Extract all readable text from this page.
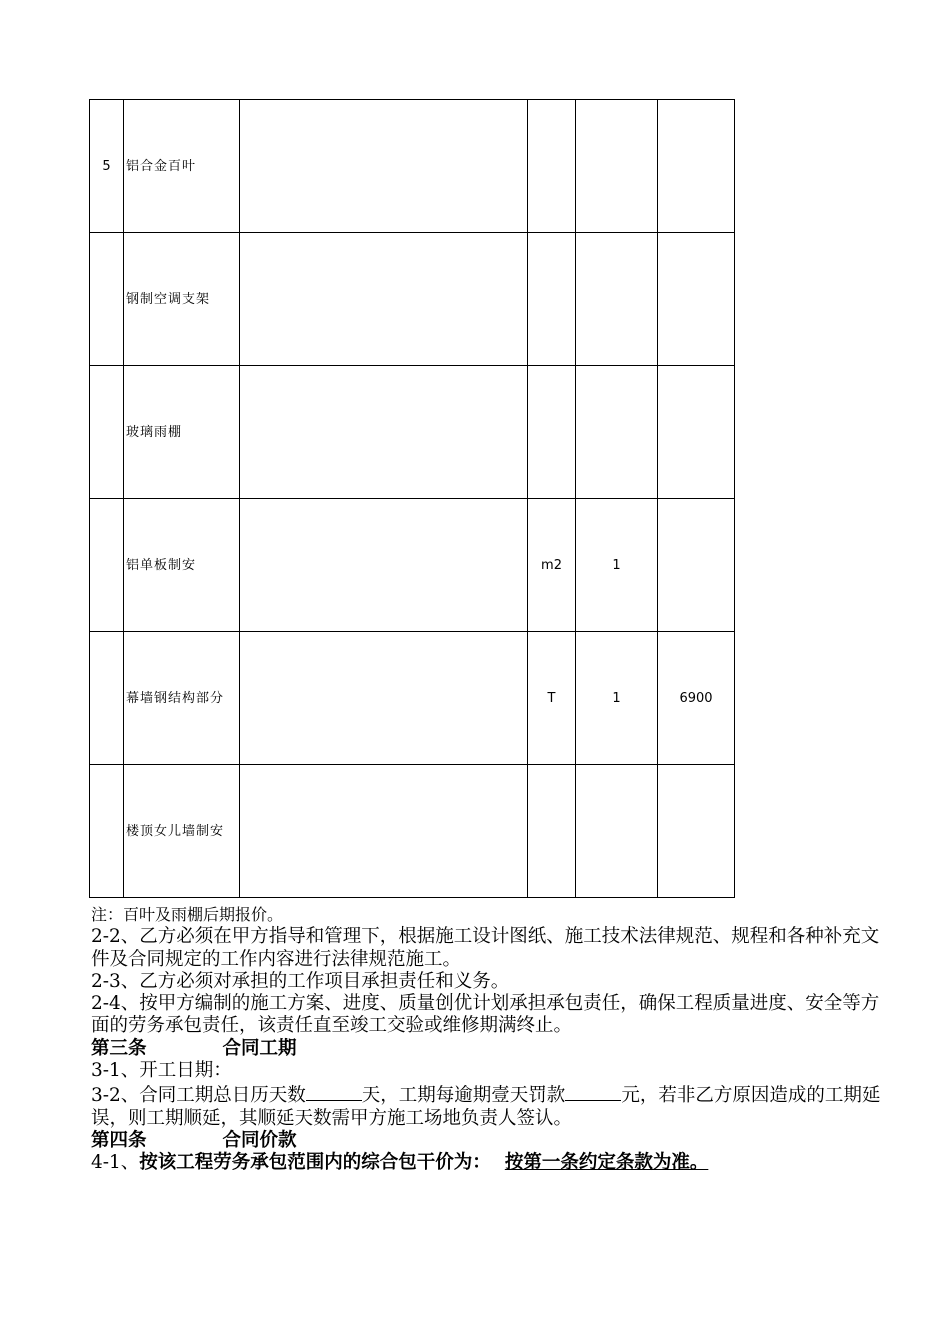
5	铝合金百叶				
	钢制空调支架				
	玻璃雨棚				
	铝单板制安		m2	1	
	幕墙钢结构部分		T	1	6900
	楼顶女儿墙制安				

注：百叶及雨棚后期报价。

2-2、乙方必须在甲方指导和管理下，根据施工设计图纸、施工技术法律规范、规程和各种补充文件及合同规定的工作内容进行法律规范施工。

2-3、乙方必须对承担的工作项目承担责任和义务。

2-4、按甲方编制的施工方案、进度、质量创优计划承担承包责任，确保工程质量进度、安全等方面的劳务承包责任，该责任直至竣工交验或维修期满终止。

第三条	合同工期

3-1、开工日期：

3-2、合同工期总日历天数	天，工期每逾期壹天罚款	元，若非乙方原因造成的工期延误，则工期顺延，其顺延天数需甲方施工场地负责人签认。

第四条	合同价款

4-1、按该工程劳务承包范围内的综合包干价为： 按第一条约定条款为准。
